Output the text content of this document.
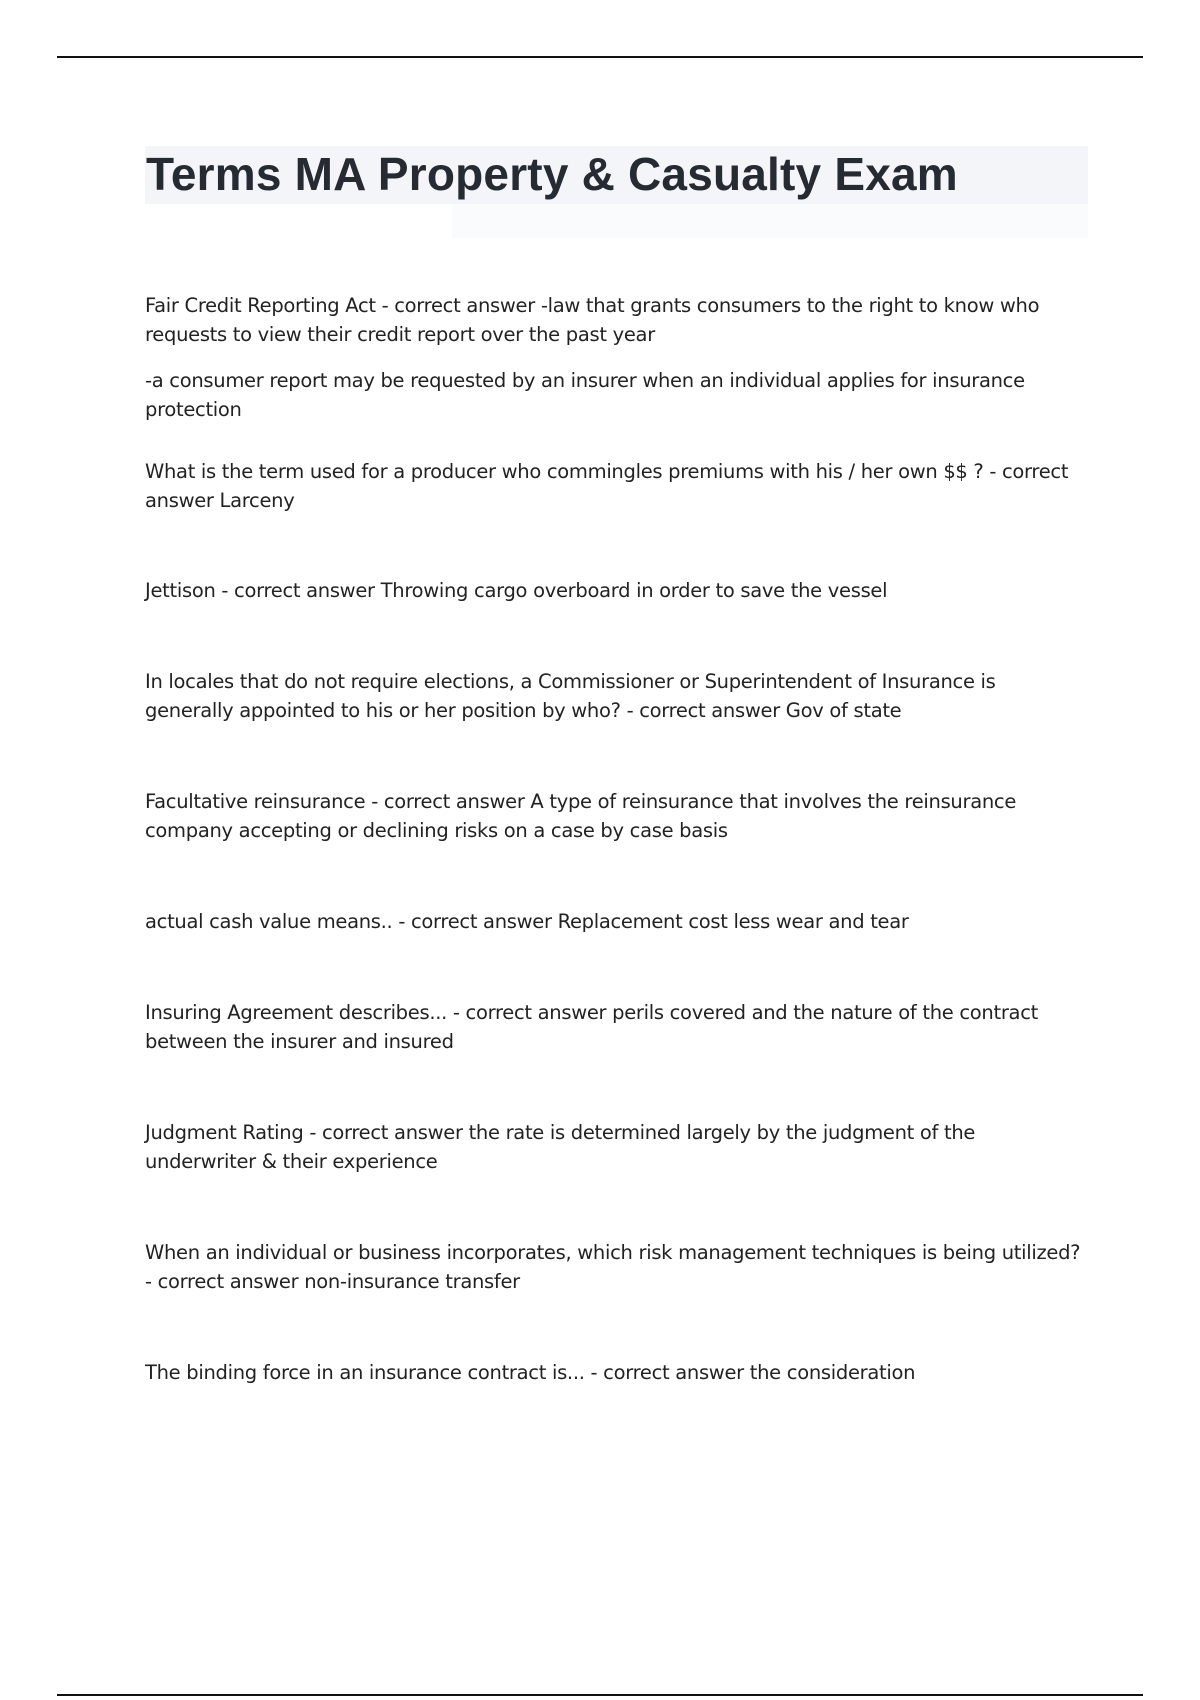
Terms MA Property & Casualty Exam

Fair Credit Reporting Act - correct answer -law that grants consumers to the right to know who requests to view their credit report over the past year

-a consumer report may be requested by an insurer when an individual applies for insurance protection

What is the term used for a producer who commingles premiums with his / her own $$ ? - correct answer Larceny

Jettison - correct answer Throwing cargo overboard in order to save the vessel

In locales that do not require elections, a Commissioner or Superintendent of Insurance is generally appointed to his or her position by who? - correct answer Gov of state

Facultative reinsurance - correct answer A type of reinsurance that involves the reinsurance company accepting or declining risks on a case by case basis

actual cash value means.. - correct answer Replacement cost less wear and tear

Insuring Agreement describes... - correct answer perils covered and the nature of the contract between the insurer and insured

Judgment Rating - correct answer the rate is determined largely by the judgment of the underwriter & their experience

When an individual or business incorporates, which risk management techniques is being utilized? - correct answer non-insurance transfer

The binding force in an insurance contract is... - correct answer the consideration
